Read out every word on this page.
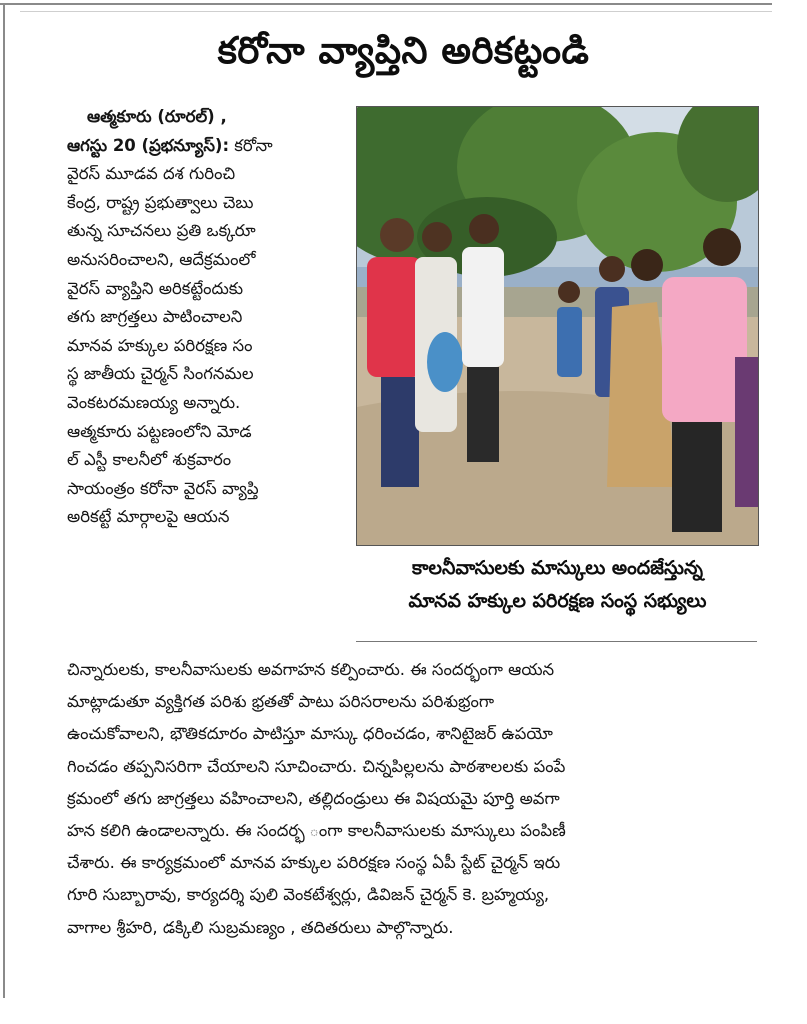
కరోనా వ్యాప్తిని అరికట్టండి
ఆత్మకూరు (రూరల్) ,
ఆగస్టు 20 (ప్రభన్యూస్): కరోనా
వైరస్ మూడవ దశ గురించి
కేంద్ర, రాష్ట్ర ప్రభుత్వాలు చెబు
తున్న సూచనలు ప్రతి ఒక్కరూ
అనుసరించాలని, ఆదేక్రమంలో
వైరస్ వ్యాప్తిని అరికట్టేందుకు
తగు జాగ్రత్తలు పాటించాలని
మానవ హక్కుల పరిరక్షణ సం
స్థ జాతీయ చైర్మన్ సింగనమల
వెంకటరమణయ్య అన్నారు.
ఆత్మకూరు పట్టణంలోని మోడ
ల్ ఎస్టీ కాలనీలో శుక్రవారం
సాయంత్రం కరోనా వైరస్ వ్యాప్తి
అరికట్టే మార్గాలపై ఆయన
కాలనీవాసులకు మాస్కులు అందజేస్తున్న
మానవ హక్కుల పరిరక్షణ సంస్థ సభ్యులు
చిన్నారులకు, కాలనీవాసులకు అవగాహన కల్పించారు. ఈ సందర్భంగా ఆయన
మాట్లాడుతూ వ్యక్తిగత పరిశు భ్రతతో పాటు పరిసరాలను పరిశుభ్రంగా
ఉంచుకోవాలని, భౌతికదూరం పాటిస్తూ మాస్కు ధరించడం, శానిటైజర్ ఉపయో
గించడం తప్పనిసరిగా చేయాలని సూచించారు. చిన్నపిల్లలను పాఠశాలలకు పంపే
క్రమంలో తగు జాగ్రత్తలు వహించాలని, తల్లిదండ్రులు ఈ విషయమై పూర్తి అవగా
హన కలిగి ఉండాలన్నారు. ఈ సందర్భ ంగా కాలనీవాసులకు మాస్కులు పంపిణీ
చేశారు. ఈ కార్యక్రమంలో మానవ హక్కుల పరిరక్షణ సంస్థ ఏపీ స్టేట్ చైర్మన్ ఇరు
గూరి సుబ్బారావు, కార్యదర్శి పులి వెంకటేశ్వర్లు, డివిజన్ చైర్మన్ కె. బ్రహ్మయ్య,
వాగాల శ్రీహరి, డక్కిలి సుబ్రమణ్యం , తదితరులు పాల్గొన్నారు.
